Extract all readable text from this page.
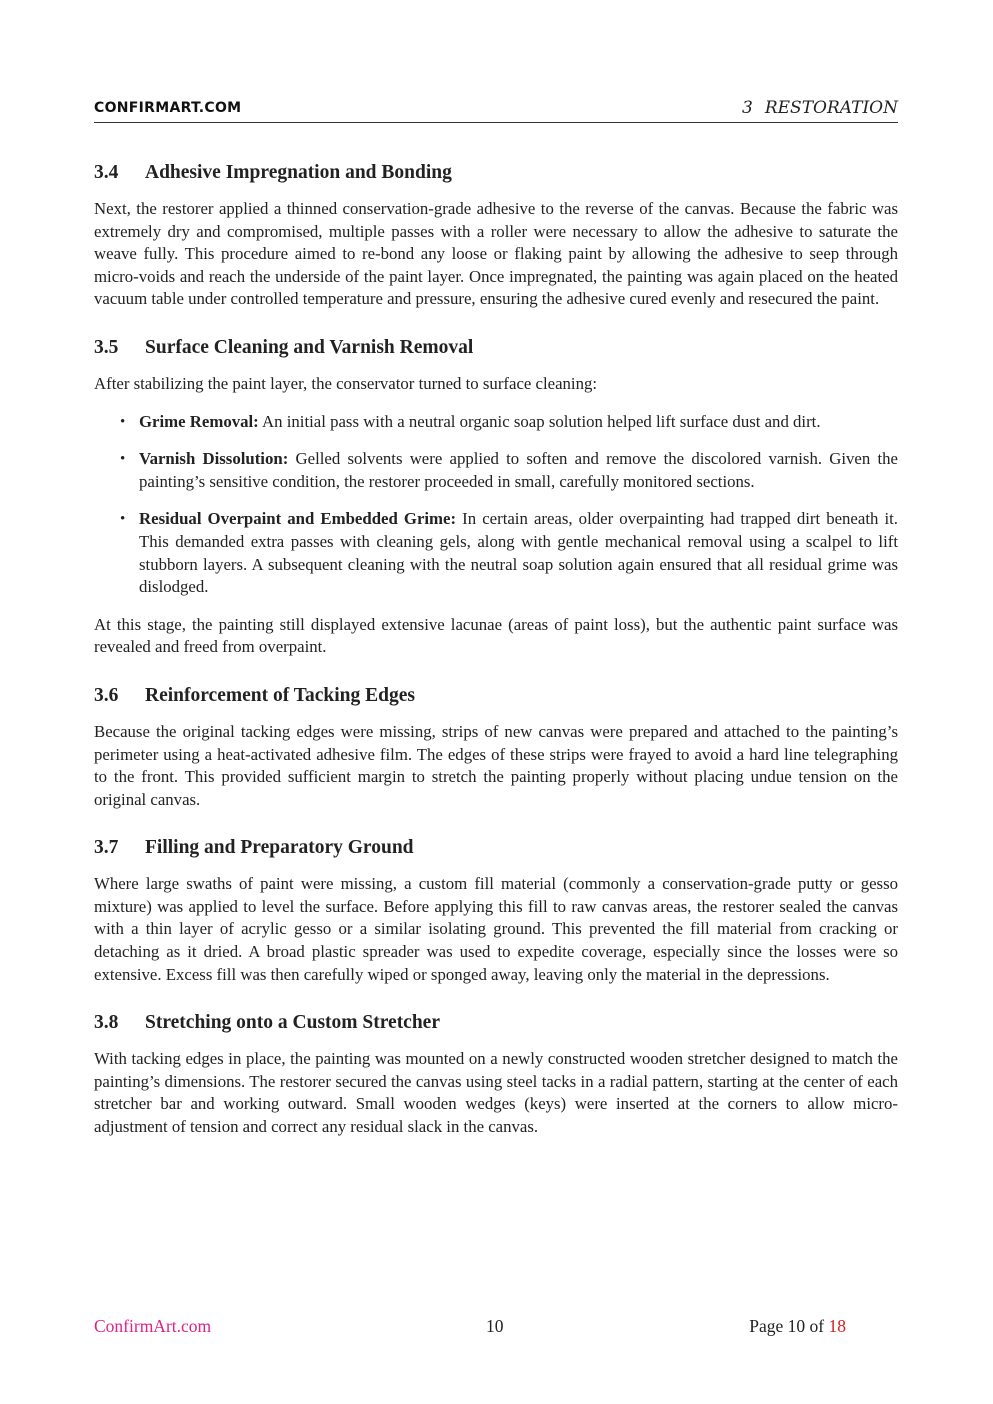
CONFIRMART.COM	3 RESTORATION
3.4 Adhesive Impregnation and Bonding

Next, the restorer applied a thinned conservation-grade adhesive to the reverse of the canvas. Because the fabric was extremely dry and compromised, multiple passes with a roller were necessary to allow the adhesive to saturate the weave fully. This procedure aimed to re-bond any loose or flaking paint by allowing the adhesive to seep through micro-voids and reach the underside of the paint layer. Once impregnated, the painting was again placed on the heated vacuum table under controlled temperature and pressure, ensuring the adhesive cured evenly and resecured the paint.

3.5 Surface Cleaning and Varnish Removal

After stabilizing the paint layer, the conservator turned to surface cleaning:

• Grime Removal: An initial pass with a neutral organic soap solution helped lift surface dust and dirt.
• Varnish Dissolution: Gelled solvents were applied to soften and remove the discolored varnish. Given the painting’s sensitive condition, the restorer proceeded in small, carefully monitored sections.
• Residual Overpaint and Embedded Grime: In certain areas, older overpainting had trapped dirt beneath it. This demanded extra passes with cleaning gels, along with gentle mechanical removal using a scalpel to lift stubborn layers. A subsequent cleaning with the neutral soap solution again ensured that all residual grime was dislodged.

At this stage, the painting still displayed extensive lacunae (areas of paint loss), but the authentic paint surface was revealed and freed from overpaint.

3.6 Reinforcement of Tacking Edges

Because the original tacking edges were missing, strips of new canvas were prepared and attached to the painting’s perimeter using a heat-activated adhesive film. The edges of these strips were frayed to avoid a hard line telegraphing to the front. This provided sufficient margin to stretch the painting properly without placing undue tension on the original canvas.

3.7 Filling and Preparatory Ground

Where large swaths of paint were missing, a custom fill material (commonly a conservation-grade putty or gesso mixture) was applied to level the surface. Before applying this fill to raw canvas areas, the restorer sealed the canvas with a thin layer of acrylic gesso or a similar isolating ground. This prevented the fill material from cracking or detaching as it dried. A broad plastic spreader was used to expedite coverage, especially since the losses were so extensive. Excess fill was then carefully wiped or sponged away, leaving only the material in the depressions.

3.8 Stretching onto a Custom Stretcher

With tacking edges in place, the painting was mounted on a newly constructed wooden stretcher designed to match the painting’s dimensions. The restorer secured the canvas using steel tacks in a radial pattern, starting at the center of each stretcher bar and working outward. Small wooden wedges (keys) were inserted at the corners to allow micro-adjustment of tension and correct any residual slack in the canvas.

ConfirmArt.com	10	Page 10 of 18
